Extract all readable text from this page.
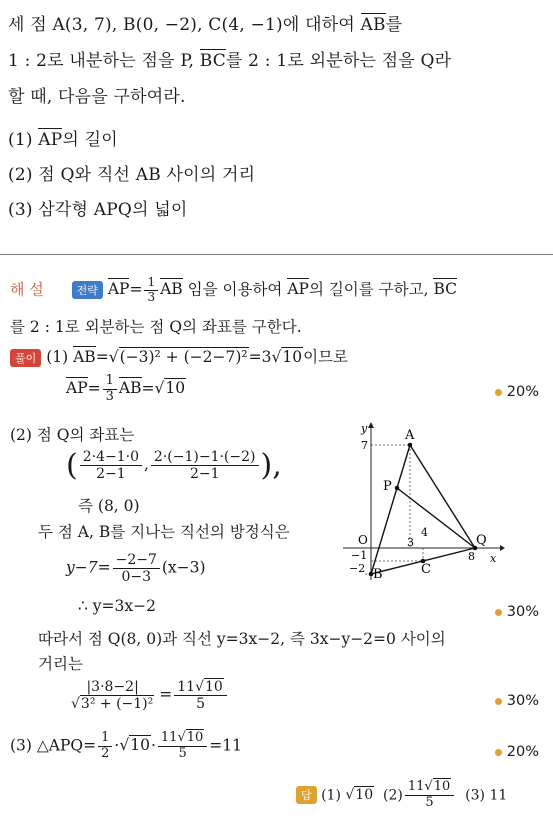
세 점 A(3, 7), B(0, −2), C(4, −1)에 대하여 AB를
1 : 2로 내분하는 점을 P, BC를 2 : 1로 외분하는 점을 Q라
할 때, 다음을 구하여라.
(1) AP의 길이
(2) 점 Q와 직선 AB 사이의 거리
(3) 삼각형 APQ의 넓이
해 설	전략 $AP= \frac{1}{3}$ AB 임을 이용하여 AP의 길이를 구하고, BC
를 2 : 1로 외분하는 점 Q의 좌표를 구한다.
풀이 (1) AB=√(−3)² + (−2−7)²=3√10이므로
$AP= \frac{1}{3} AB=√10$	20%
(2) 점 Q의 좌표는
( $\frac{2\cdot 4-1\cdot 0}{2-1}$ , $\frac{2\cdot(-1)-1\cdot(-2)}{2-1}$ ),
즉 (8, 0)
두 점 A, B를 지나는 직선의 방정식은
$y-7= \frac{-2-7}{0-3} (x-3)$
∴ y=3x−2	30%
따라서 점 Q(8, 0)과 직선 y=3x−2, 즉 3x−y−2=0 사이의
거리는
$\frac{|3\cdot 8-2|}{\text{√3² + (−1)²}} = \frac{11√10}{5}$	30%
(3) △APQ= $\frac{1}{2} \cdot√10\cdot \frac{11√10}{5} =11$	20%
답 (1) √10 $(2) \frac{11√10}{5} (3)$ 11
y
x
O
7
−1
−2
3
4
8
A
B	C
P
Q
